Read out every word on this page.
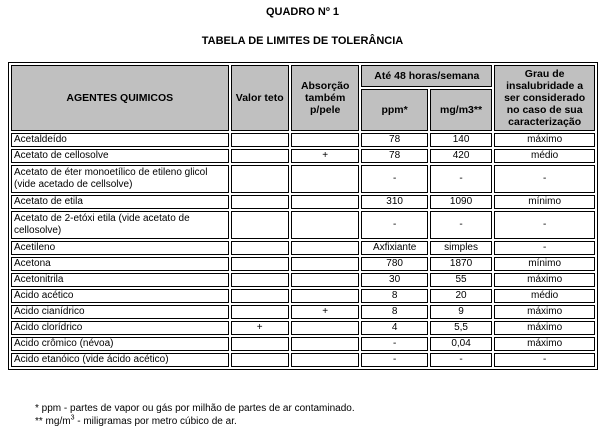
QUADRO Nº 1
TABELA DE LIMITES DE TOLERÂNCIA
AGENTES QUIMICOS	Valor teto	Absorção também p/pele	Até 48 horas/semana		Grau de insalubridade a ser considerado no caso de sua caracterização
			ppm*	mg/m3**	
Acetaldeído			78	140	máximo
Acetato de cellosolve		+	78	420	médio
Acetato de éter monoetílico de etileno glicol (vide acetado de cellsolve)			-	-	-
Acetato de etila			310	1090	mínimo
Acetato de 2-etóxi etila (vide acetato de cellosolve)			-	-	-
Acetileno			Axfixiante	simples	-
Acetona			780	1870	mínimo
Acetonitrila			30	55	máximo
Ácido acético			8	20	médio
Ácido cianídrico		+	8	9	máximo
Ácido clorídrico	+		4	5,5	máximo
Ácido crômico (névoa)			-	0,04	máximo
Ácido etanóico (vide ácido acético)			-	-	-
* ppm - partes de vapor ou gás por milhão de partes de ar contaminado.
** $mg/m^3$ - miligramas por metro cúbico de ar.
